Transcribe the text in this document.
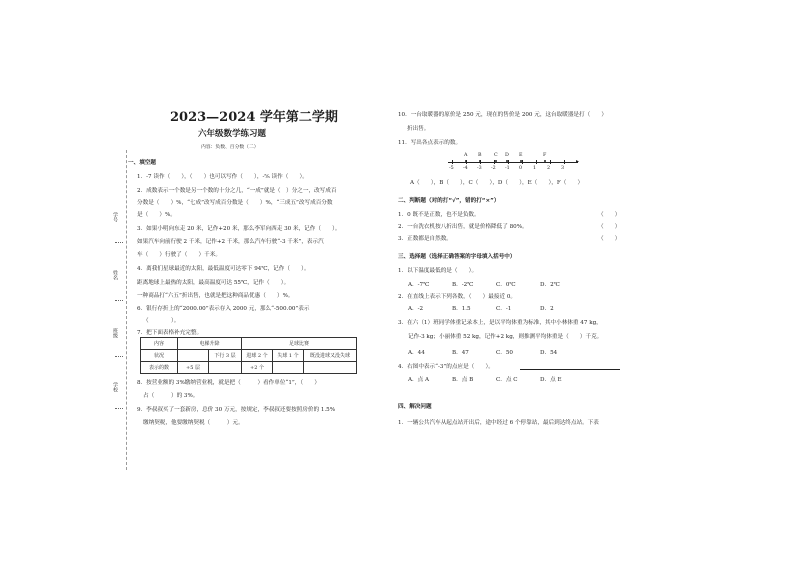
学号
姓名
班级
学校
2023—2024 学年第二学期
六年级数学练习题
内容：负数、百分数（二）
一、填空题
1．-7 读作（　　），（　　）也可以写作（　　），-⁵⁄₆ 读作（　　）。
2．成数表示一个数是另一个数的十分之几，“一成”就是（　）分之一，改写成百
分数是（　　）%，“七成”改写成百分数是（　　）%，“三成五”改写成百分数
是（　　）%。
3．如果小明向东走 20 米，记作+20 米，那么李军向西走 30 米，记作（　　）。
如果汽车向前行驶 2 千米，记作+2 千米，那么汽车行驶“-3 千米”，表示汽
车（　　）行驶了（　　）千米。
4．离我们星球最近的太阳，最低温度可达零下 94℃，记作（　　）。
距离地球上最热的太阳，最高温度可达 55℃，记作（　　）。
一种商品打“六五”折出售，也就是把这种商品优惠（　　）%。
6．银行存折上的“2000.00”表示存入 2000 元，那么“-500.00”表示
（　　　　）。
7．把下面表格补充完整。
内容	电梯升降		足球比赛		
状况		下行 3 层	进球 2 个	失球 1 个	既没进球又没失球
表示的数	+5 层		+2 个		
8．按营业额的 3%缴纳营业税，就是把（　　　）看作单位“1”，（　　）
占（　　　）的 3%。
9．李叔叔买了一套新房，总价 30 万元，按规定，李叔叔还要按照房价的 1.5%
缴纳契税，他要缴纳契税（　　　）元。
10．一台取暖器的原价是 250 元，现在的售价是 200 元，这台取暖器是打（　　）
折出售。
11．写出各点表示的数。
▸
-5 -4 -3 -2 -1 0 1 2 3
A B	C D E	F
A（　　），B（　　），C（　　），D（　　），E（　　），F（　　）
二、判断题（对的打“√”，错的打“×”）
1．0 既不是正数，也不是负数。	（　　）
2．一台洗衣机按八折出售，就是价格降低了 80%。	（　　）
3．正数都是自然数。	（　　）
三、选择题（选择正确答案的字母填入括号中）
1．以下温度最低的是（　　）。
A．-7℃	B．-2℃	C．0℃	D．2℃
2．在直线上表示下列各数，（　　）最接近 0。
A．-2	B．1.5	C．-1	D．2
3．在六（1）班同学体重记录本上，是以平均体重为标准，其中小林体重 47 kg，
记作-3 kg；小丽体重 52 kg，记作+2 kg，则推测平均体重是（　　）千克。
A．44	B．47	C．50	D．54
4．右图中表示“-3”的点应是（　　）。
A．点 A	B．点 B	C．点 C	D．点 E
四、解决问题
1．一辆公共汽车从起点站开出后，途中经过 6 个停靠站，最后到达终点站。下表
